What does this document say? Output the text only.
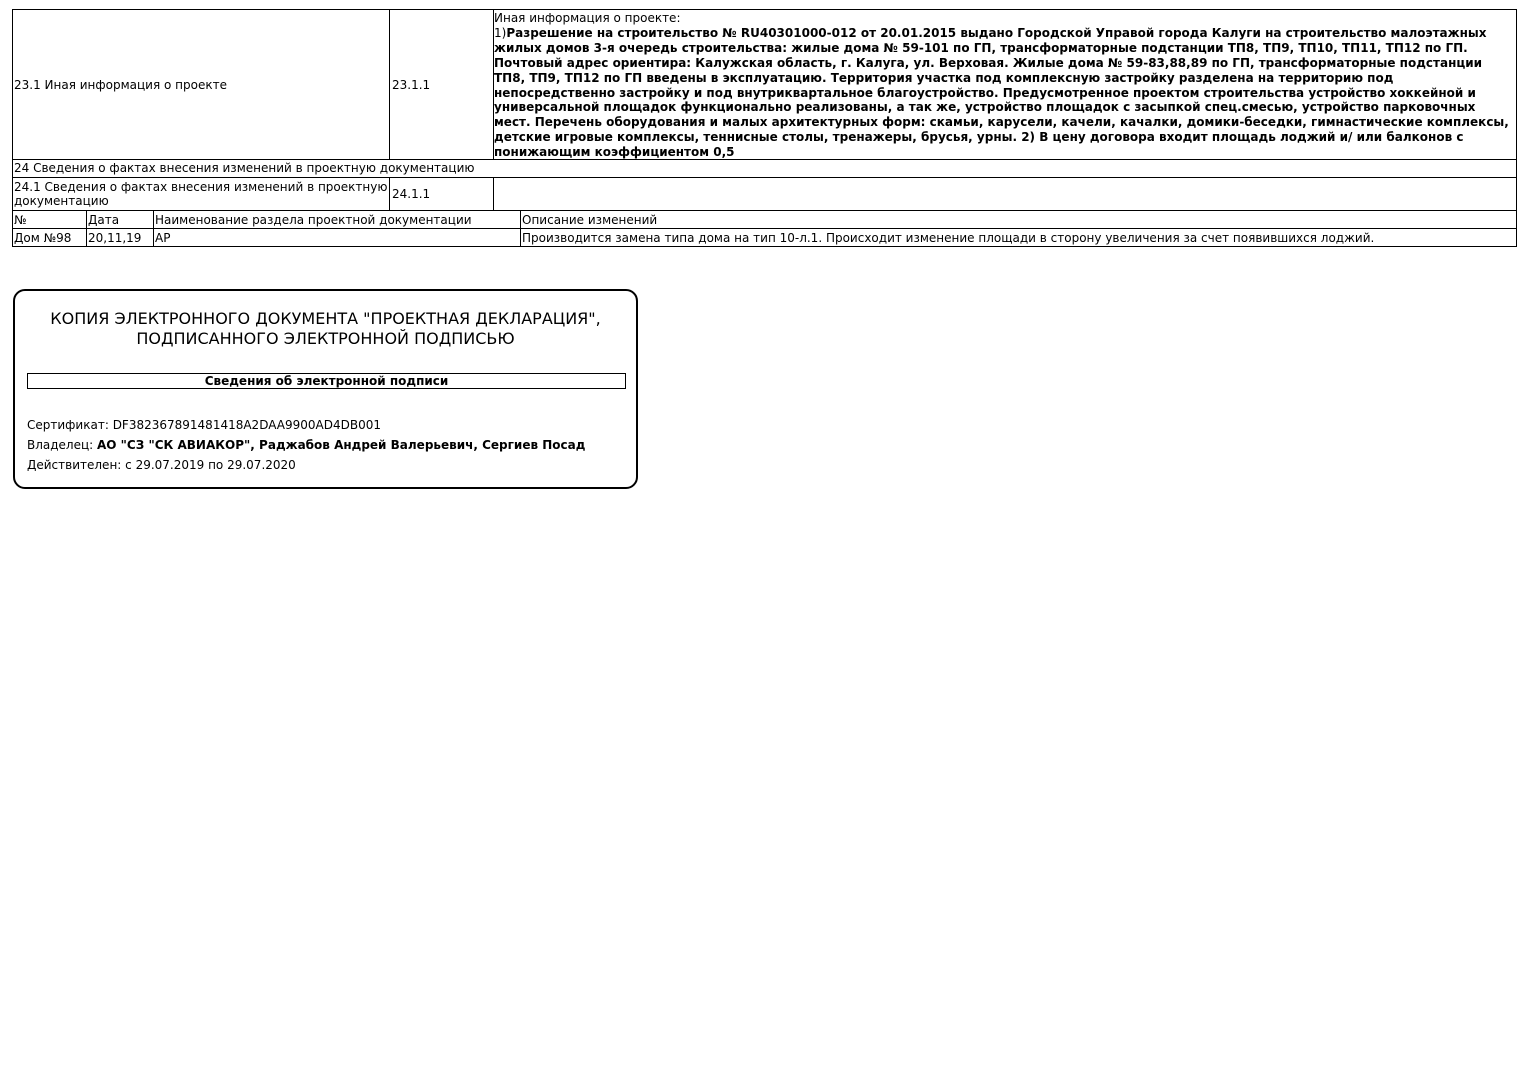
23.1 Иная информация о проекте	23.1.1
Иная информация о проекте:
1)Разрешение на строительство № RU40301000-012 от 20.01.2015 выдано Городской Управой города Калуги на строительство малоэтажных жилых домов 3-я очередь строительства: жилые дома № 59-101 по ГП, трансформаторные подстанции ТП8, ТП9, ТП10, ТП11, ТП12 по ГП. Почтовый адрес ориентира: Калужская область, г. Калуга, ул. Верховая. Жилые дома № 59-83,88,89 по ГП, трансформаторные подстанции ТП8, ТП9, ТП12 по ГП введены в эксплуатацию. Территория участка под комплексную застройку разделена на территорию под непосредственно застройку и под внутриквартальное благоустройство. Предусмотренное проектом строительства устройство хоккейной и универсальной площадок функционально реализованы, а так же, устройство площадок с засыпкой спец.смесью, устройство парковочных мест. Перечень оборудования и малых архитектурных форм: скамьи, карусели, качели, качалки, домики-беседки, гимнастические комплексы, детские игровые комплексы, теннисные столы, тренажеры, брусья, урны. 2) В цену договора входит площадь лоджий и/ или балконов с понижающим коэффициентом 0,5
24 Сведения о фактах внесения изменений в проектную документацию
24.1 Сведения о фактах внесения изменений в проектную документацию	24.1.1
№	Дата	Наименование раздела проектной документации	Описание изменений
Дом №98	20,11,19	АР	Производится замена типа дома на тип 10-л.1. Происходит изменение площади в сторону увеличения за счет появившихся лоджий.
КОПИЯ ЭЛЕКТРОННОГО ДОКУМЕНТА "ПРОЕКТНАЯ ДЕКЛАРАЦИЯ",
ПОДПИСАННОГО ЭЛЕКТРОННОЙ ПОДПИСЬЮ
Сведения об электронной подписи
Сертификат: DF382367891481418A2DAA9900AD4DB001
Владелец: АО "СЗ "СК АВИАКОР", Раджабов Андрей Валерьевич, Сергиев Посад
Действителен: с 29.07.2019 по 29.07.2020
